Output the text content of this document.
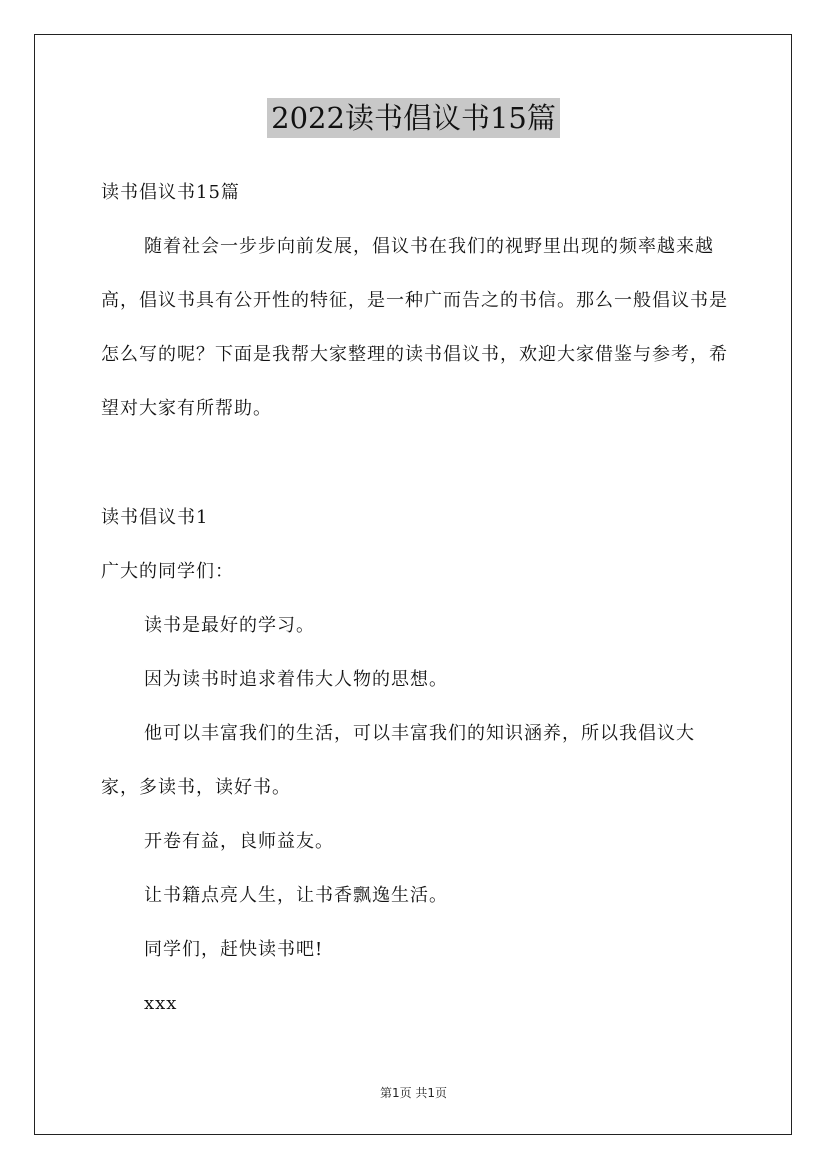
2022读书倡议书15篇

读书倡议书15篇

随着社会一步步向前发展，倡议书在我们的视野里出现的频率越来越高，倡议书具有公开性的特征，是一种广而告之的书信。那么一般倡议书是怎么写的呢？下面是我帮大家整理的读书倡议书，欢迎大家借鉴与参考，希望对大家有所帮助。

读书倡议书1

广大的同学们：

读书是最好的学习。

因为读书时追求着伟大人物的思想。

他可以丰富我们的生活，可以丰富我们的知识涵养，所以我倡议大家，多读书，读好书。

开卷有益，良师益友。

让书籍点亮人生，让书香飘逸生活。

同学们，赶快读书吧!

xxx

第1页 共1页
